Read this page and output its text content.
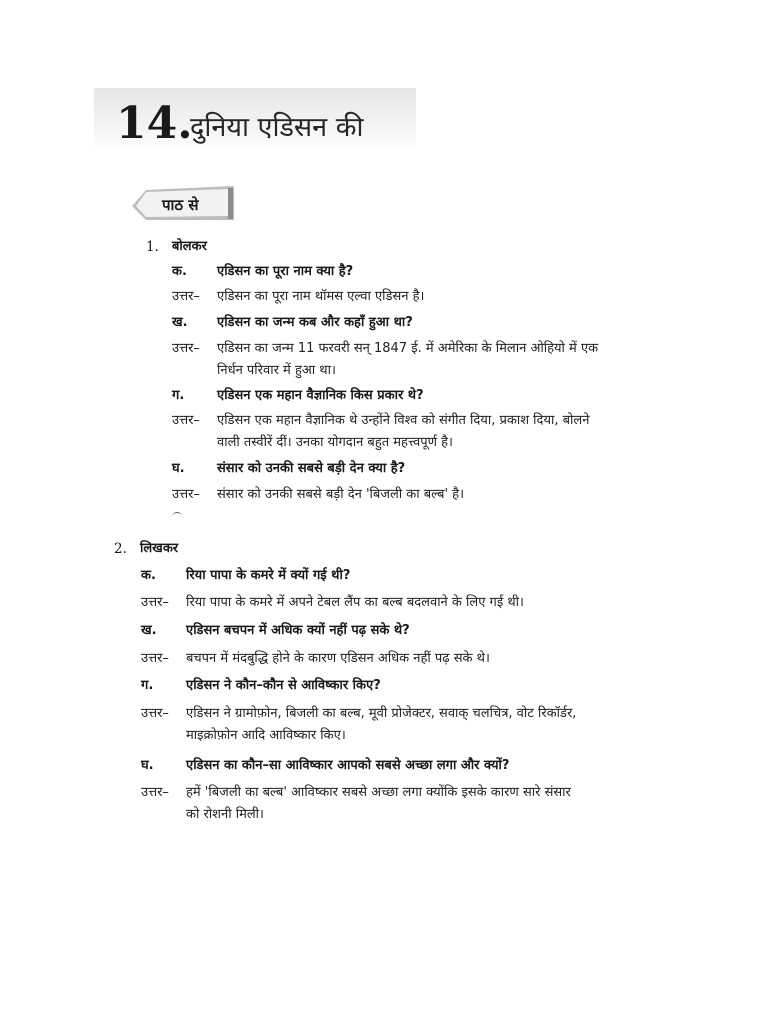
14.
दुनिया एडिसन की
पाठ से
1. बोलकर
क. एडिसन का पूरा नाम क्या है?
उत्तर– एडिसन का पूरा नाम थॉमस एल्वा एडिसन है।
ख. एडिसन का जन्म कब और कहाँ हुआ था?
उत्तर– एडिसन का जन्म 11 फरवरी सन् 1847 ई. में अमेरिका के मिलान ओहियो में एक
निर्धन परिवार में हुआ था।
ग.	एडिसन एक महान वैज्ञानिक किस प्रकार थे?
उत्तर– एडिसन एक महान वैज्ञानिक थे उन्होंने विश्व को संगीत दिया, प्रकाश दिया, बोलने
वाली तस्वीरें दीं। उनका योगदान बहुत महत्त्वपूर्ण है।
घ. संसार को उनकी सबसे बड़ी देन क्या है?
उत्तर– संसार को उनकी सबसे बड़ी देन 'बिजली का बल्ब' है।
2. लिखकर
क. रिया पापा के कमरे में क्यों गई थी?
उत्तर– रिया पापा के कमरे में अपने टेबल लैंप का बल्ब बदलवाने के लिए गई थी।
ख. एडिसन बचपन में अधिक क्यों नहीं पढ़ सके थे?
उत्तर– बचपन में मंदबुद्धि होने के कारण एडिसन अधिक नहीं पढ़ सके थे।
ग.	एडिसन ने कौन–कौन से आविष्कार किए?
उत्तर– एडिसन ने ग्रामोफ़ोन, बिजली का बल्ब, मूवी प्रोजेक्टर, सवाक् चलचित्र, वोट रिकॉर्डर,
माइक्रोफ़ोन आदि आविष्कार किए।
घ. एडिसन का कौन–सा आविष्कार आपको सबसे अच्छा लगा और क्यों?
उत्तर– हमें 'बिजली का बल्ब' आविष्कार सबसे अच्छा लगा क्योंकि इसके कारण सारे संसार
को रोशनी मिली।
